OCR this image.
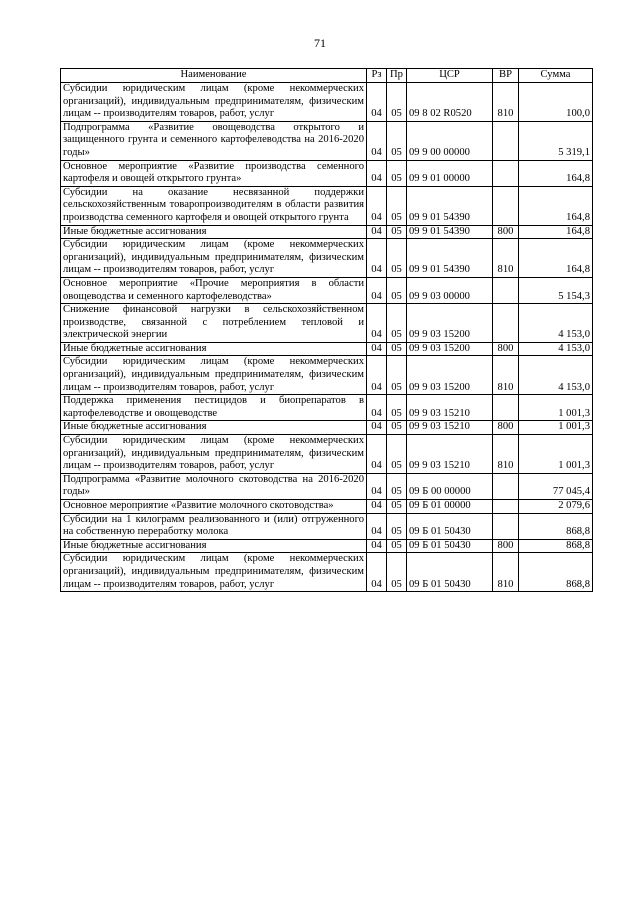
71
Наименование	Рз	Пр	ЦСР	ВР	Сумма
Субсидии юридическим лицам (кроме некоммерческих организаций), индивидуальным предпринимателям, физическим лицам -- производителям товаров, работ, услуг	04	05	09 8 02 R0520	810	100,0
Подпрограмма «Развитие овощеводства открытого и защищенного грунта и семенного картофелеводства на 2016-2020 годы»	04	05	09 9 00 00000		5 319,1
Основное мероприятие «Развитие производства семенного картофеля и овощей открытого грунта»	04	05	09 9 01 00000		164,8
Субсидии на оказание несвязанной поддержки сельскохозяйственным товаропроизводителям в области развития производства семенного картофеля и овощей открытого грунта	04	05	09 9 01 54390		164,8
Иные бюджетные ассигнования	04	05	09 9 01 54390	800	164,8
Субсидии юридическим лицам (кроме некоммерческих организаций), индивидуальным предпринимателям, физическим лицам -- производителям товаров, работ, услуг	04	05	09 9 01 54390	810	164,8
Основное мероприятие «Прочие мероприятия в области овощеводства и семенного картофелеводства»	04	05	09 9 03 00000		5 154,3
Снижение финансовой нагрузки в сельскохозяйственном производстве, связанной с потреблением тепловой и электрической энергии	04	05	09 9 03 15200		4 153,0
Иные бюджетные ассигнования	04	05	09 9 03 15200	800	4 153,0
Субсидии юридическим лицам (кроме некоммерческих организаций), индивидуальным предпринимателям, физическим лицам -- производителям товаров, работ, услуг	04	05	09 9 03 15200	810	4 153,0
Поддержка применения пестицидов и биопрепаратов в картофелеводстве и овощеводстве	04	05	09 9 03 15210		1 001,3
Иные бюджетные ассигнования	04	05	09 9 03 15210	800	1 001,3
Субсидии юридическим лицам (кроме некоммерческих организаций), индивидуальным предпринимателям, физическим лицам -- производителям товаров, работ, услуг	04	05	09 9 03 15210	810	1 001,3
Подпрограмма «Развитие молочного скотоводства на 2016-2020 годы»	04	05	09 Б 00 00000		77 045,4
Основное мероприятие «Развитие молочного скотоводства»	04	05	09 Б 01 00000		2 079,6
Субсидии на 1 килограмм реализованного и (или) отгруженного на собственную переработку молока	04	05	09 Б 01 50430		868,8
Иные бюджетные ассигнования	04	05	09 Б 01 50430	800	868,8
Субсидии юридическим лицам (кроме некоммерческих организаций), индивидуальным предпринимателям, физическим лицам -- производителям товаров, работ, услуг	04	05	09 Б 01 50430	810	868,8
